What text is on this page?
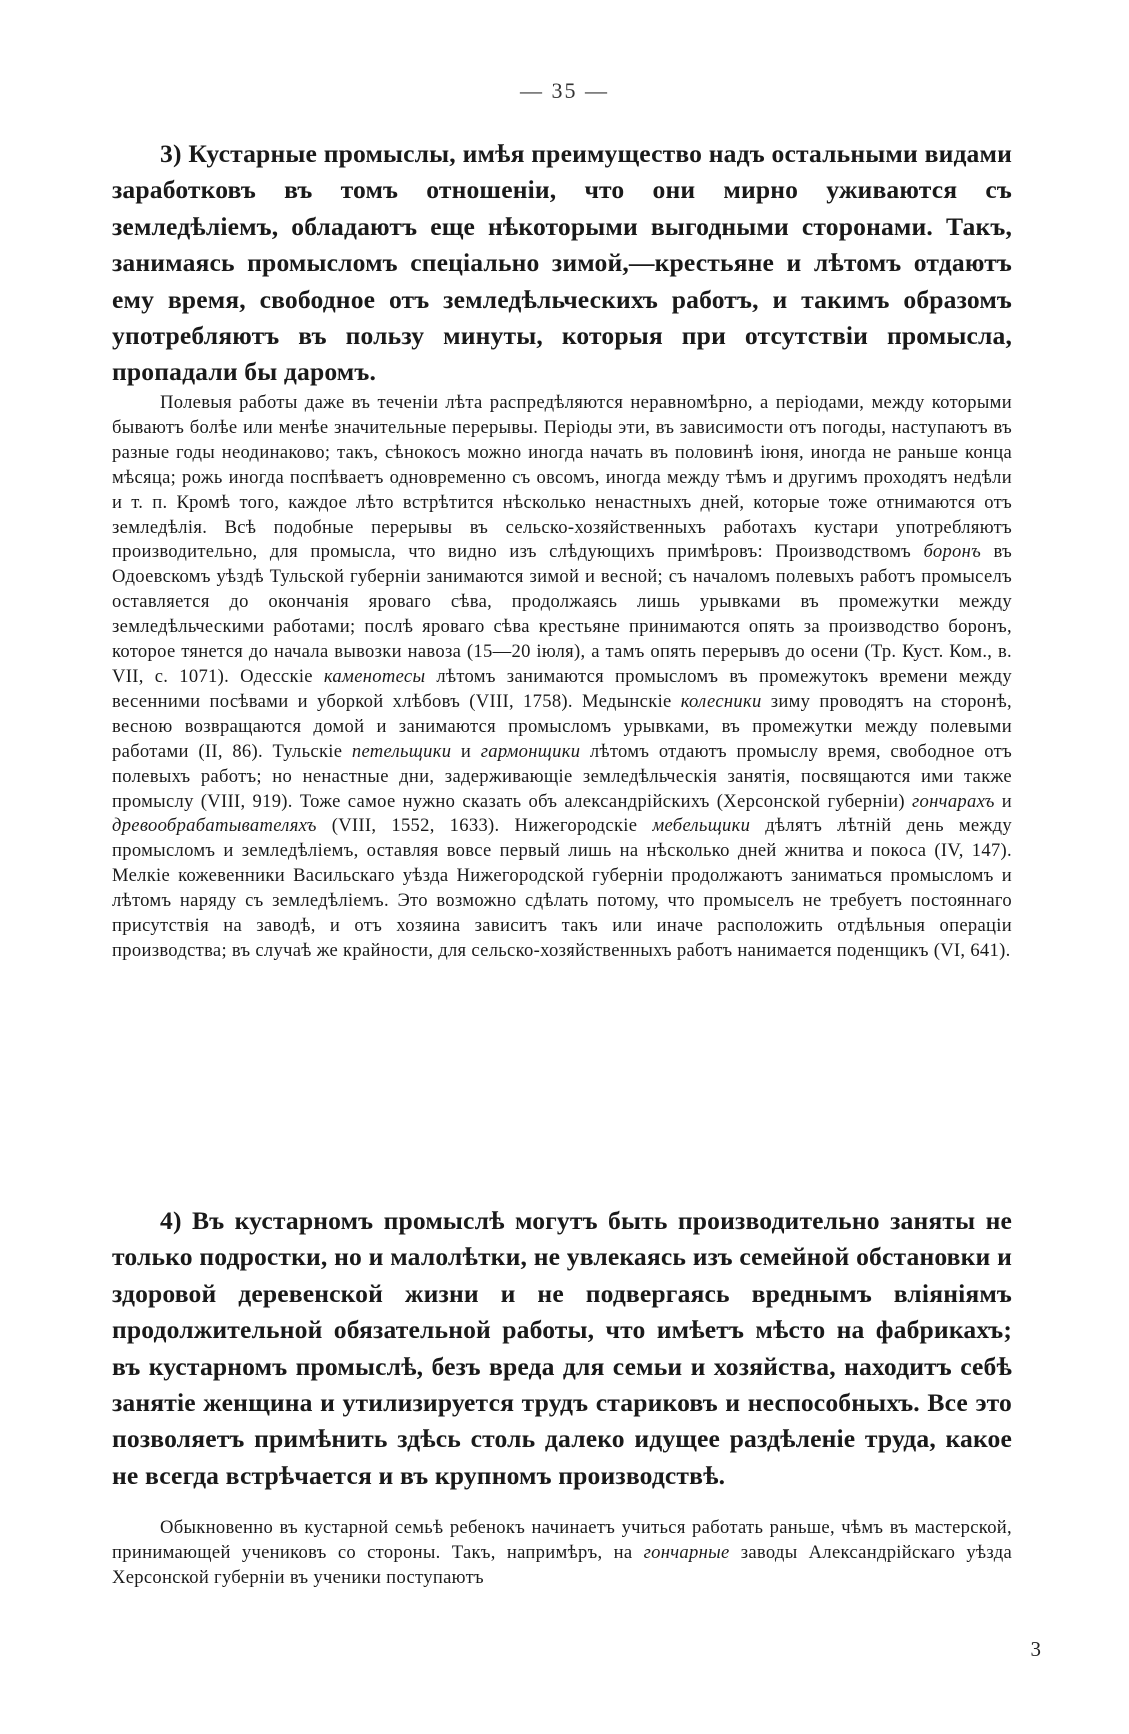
— 35 —

3) Кустарные промыслы, имѣя преимущество надъ остальными видами заработковъ въ томъ отношеніи, что они мирно уживаются съ земледѣліемъ, обладаютъ еще нѣкоторыми выгодными сторонами. Такъ, занимаясь промысломъ спеціально зимой,—крестьяне и лѣтомъ отдаютъ ему время, свободное отъ земледѣльческихъ работъ, и такимъ образомъ употребляютъ въ пользу минуты, которыя при отсутствіи промысла, пропадали бы даромъ.

Полевыя работы даже въ теченіи лѣта распредѣляются неравномѣрно, а періодами, между которыми бываютъ болѣе или менѣе значительные перерывы. Періоды эти, въ зависимости отъ погоды, наступаютъ въ разные годы неодинаково; такъ, сѣнокосъ можно иногда начать въ половинѣ іюня, иногда не раньше конца мѣсяца; рожь иногда поспѣваетъ одновременно съ овсомъ, иногда между тѣмъ и другимъ проходятъ недѣли и т. п. Кромѣ того, каждое лѣто встрѣтится нѣсколько ненастныхъ дней, которые тоже отнимаются отъ земледѣлія. Всѣ подобные перерывы въ сельско-хозяйственныхъ работахъ кустари употребляютъ производительно, для промысла, что видно изъ слѣдующихъ примѣровъ: Производствомъ боронъ въ Одоевскомъ уѣздѣ Тульской губерніи занимаются зимой и весной; съ началомъ полевыхъ работъ промыселъ оставляется до окончанія яроваго сѣва, продолжаясь лишь урывками въ промежутки между земледѣльческими работами; послѣ яроваго сѣва крестьяне принимаются опять за производство боронъ, которое тянется до начала вывозки навоза (15—20 іюля), а тамъ опять перерывъ до осени (Тр. Куст. Ком., в. VII, с. 1071). Одесскіе каменотесы лѣтомъ занимаются промысломъ въ промежутокъ времени между весенними посѣвами и уборкой хлѣбовъ (VIII, 1758). Медынскіе колесники зиму проводятъ на сторонѣ, весною возвращаются домой и занимаются промысломъ урывками, въ промежутки между полевыми работами (II, 86). Тульскіе петельщики и гармонщики лѣтомъ отдаютъ промыслу время, свободное отъ полевыхъ работъ; но ненастные дни, задерживающіе земледѣльческія занятія, посвящаются ими также промыслу (VIII, 919). Тоже самое нужно сказать объ александрійскихъ (Херсонской губерніи) гончарахъ и древообрабатывателяхъ (VIII, 1552, 1633). Нижегородскіе мебельщики дѣлятъ лѣтній день между промысломъ и земледѣліемъ, оставляя вовсе первый лишь на нѣсколько дней жнитва и покоса (IV, 147). Мелкіе кожевенники Васильскаго уѣзда Нижегородской губерніи продолжаютъ заниматься промысломъ и лѣтомъ наряду съ земледѣліемъ. Это возможно сдѣлать потому, что промыселъ не требуетъ постояннаго присутствія на заводѣ, и отъ хозяина зависитъ такъ или иначе расположить отдѣльныя операціи производства; въ случаѣ же крайности, для сельско-хозяйственныхъ работъ нанимается поденщикъ (VI, 641).

4) Въ кустарномъ промыслѣ могутъ быть производительно заняты не только подростки, но и малолѣтки, не увлекаясь изъ семейной обстановки и здоровой деревенской жизни и не подвергаясь вреднымъ вліяніямъ продолжительной обязательной работы, что имѣетъ мѣсто на фабрикахъ; въ кустарномъ промыслѣ, безъ вреда для семьи и хозяйства, находитъ себѣ занятіе женщина и утилизируется трудъ стариковъ и неспособныхъ. Все это позволяетъ примѣнить здѣсь столь далеко идущее раздѣленіе труда, какое не всегда встрѣчается и въ крупномъ производствѣ.

Обыкновенно въ кустарной семьѣ ребенокъ начинаетъ учиться работать раньше, чѣмъ въ мастерской, принимающей учениковъ со стороны. Такъ, напримѣръ, на гончарные заводы Александрійскаго уѣзда Херсонской губерніи въ ученики поступаютъ

3
